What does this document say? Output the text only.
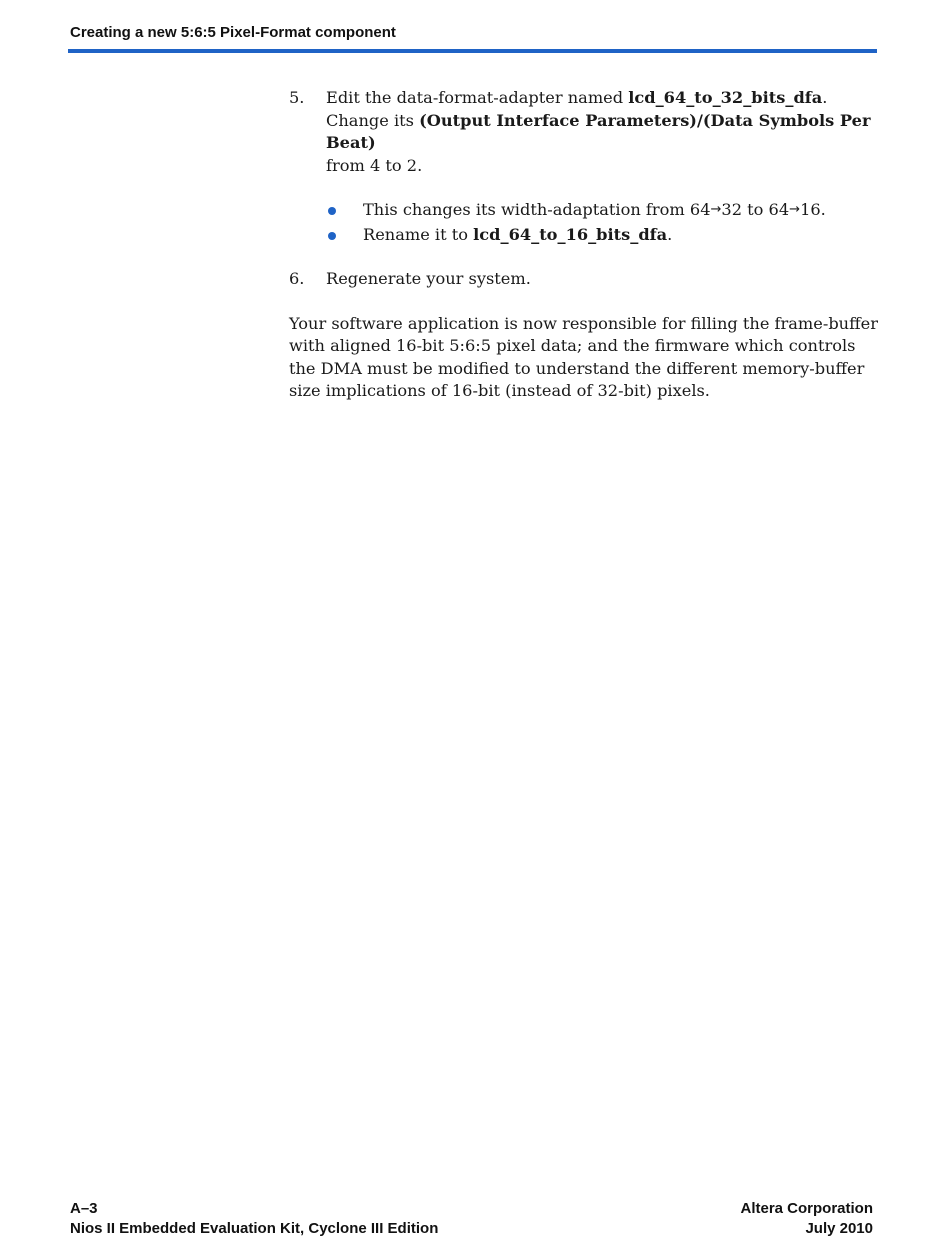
Creating a new 5:6:5 Pixel-Format component
5. Edit the data-format-adapter named lcd_64_to_32_bits_dfa.
Change its (Output Interface Parameters)/(Data Symbols Per Beat)
from 4 to 2.
This changes its width-adaptation from 64→32 to 64→16.
Rename it to lcd_64_to_16_bits_dfa.
6. Regenerate your system.

Your software application is now responsible for filling the frame-buffer with aligned 16-bit 5:6:5 pixel data; and the firmware which controls the DMA must be modified to understand the different memory-buffer size implications of 16-bit (instead of 32-bit) pixels.

A–3
Nios II Embedded Evaluation Kit, Cyclone III Edition
Altera Corporation
July 2010
